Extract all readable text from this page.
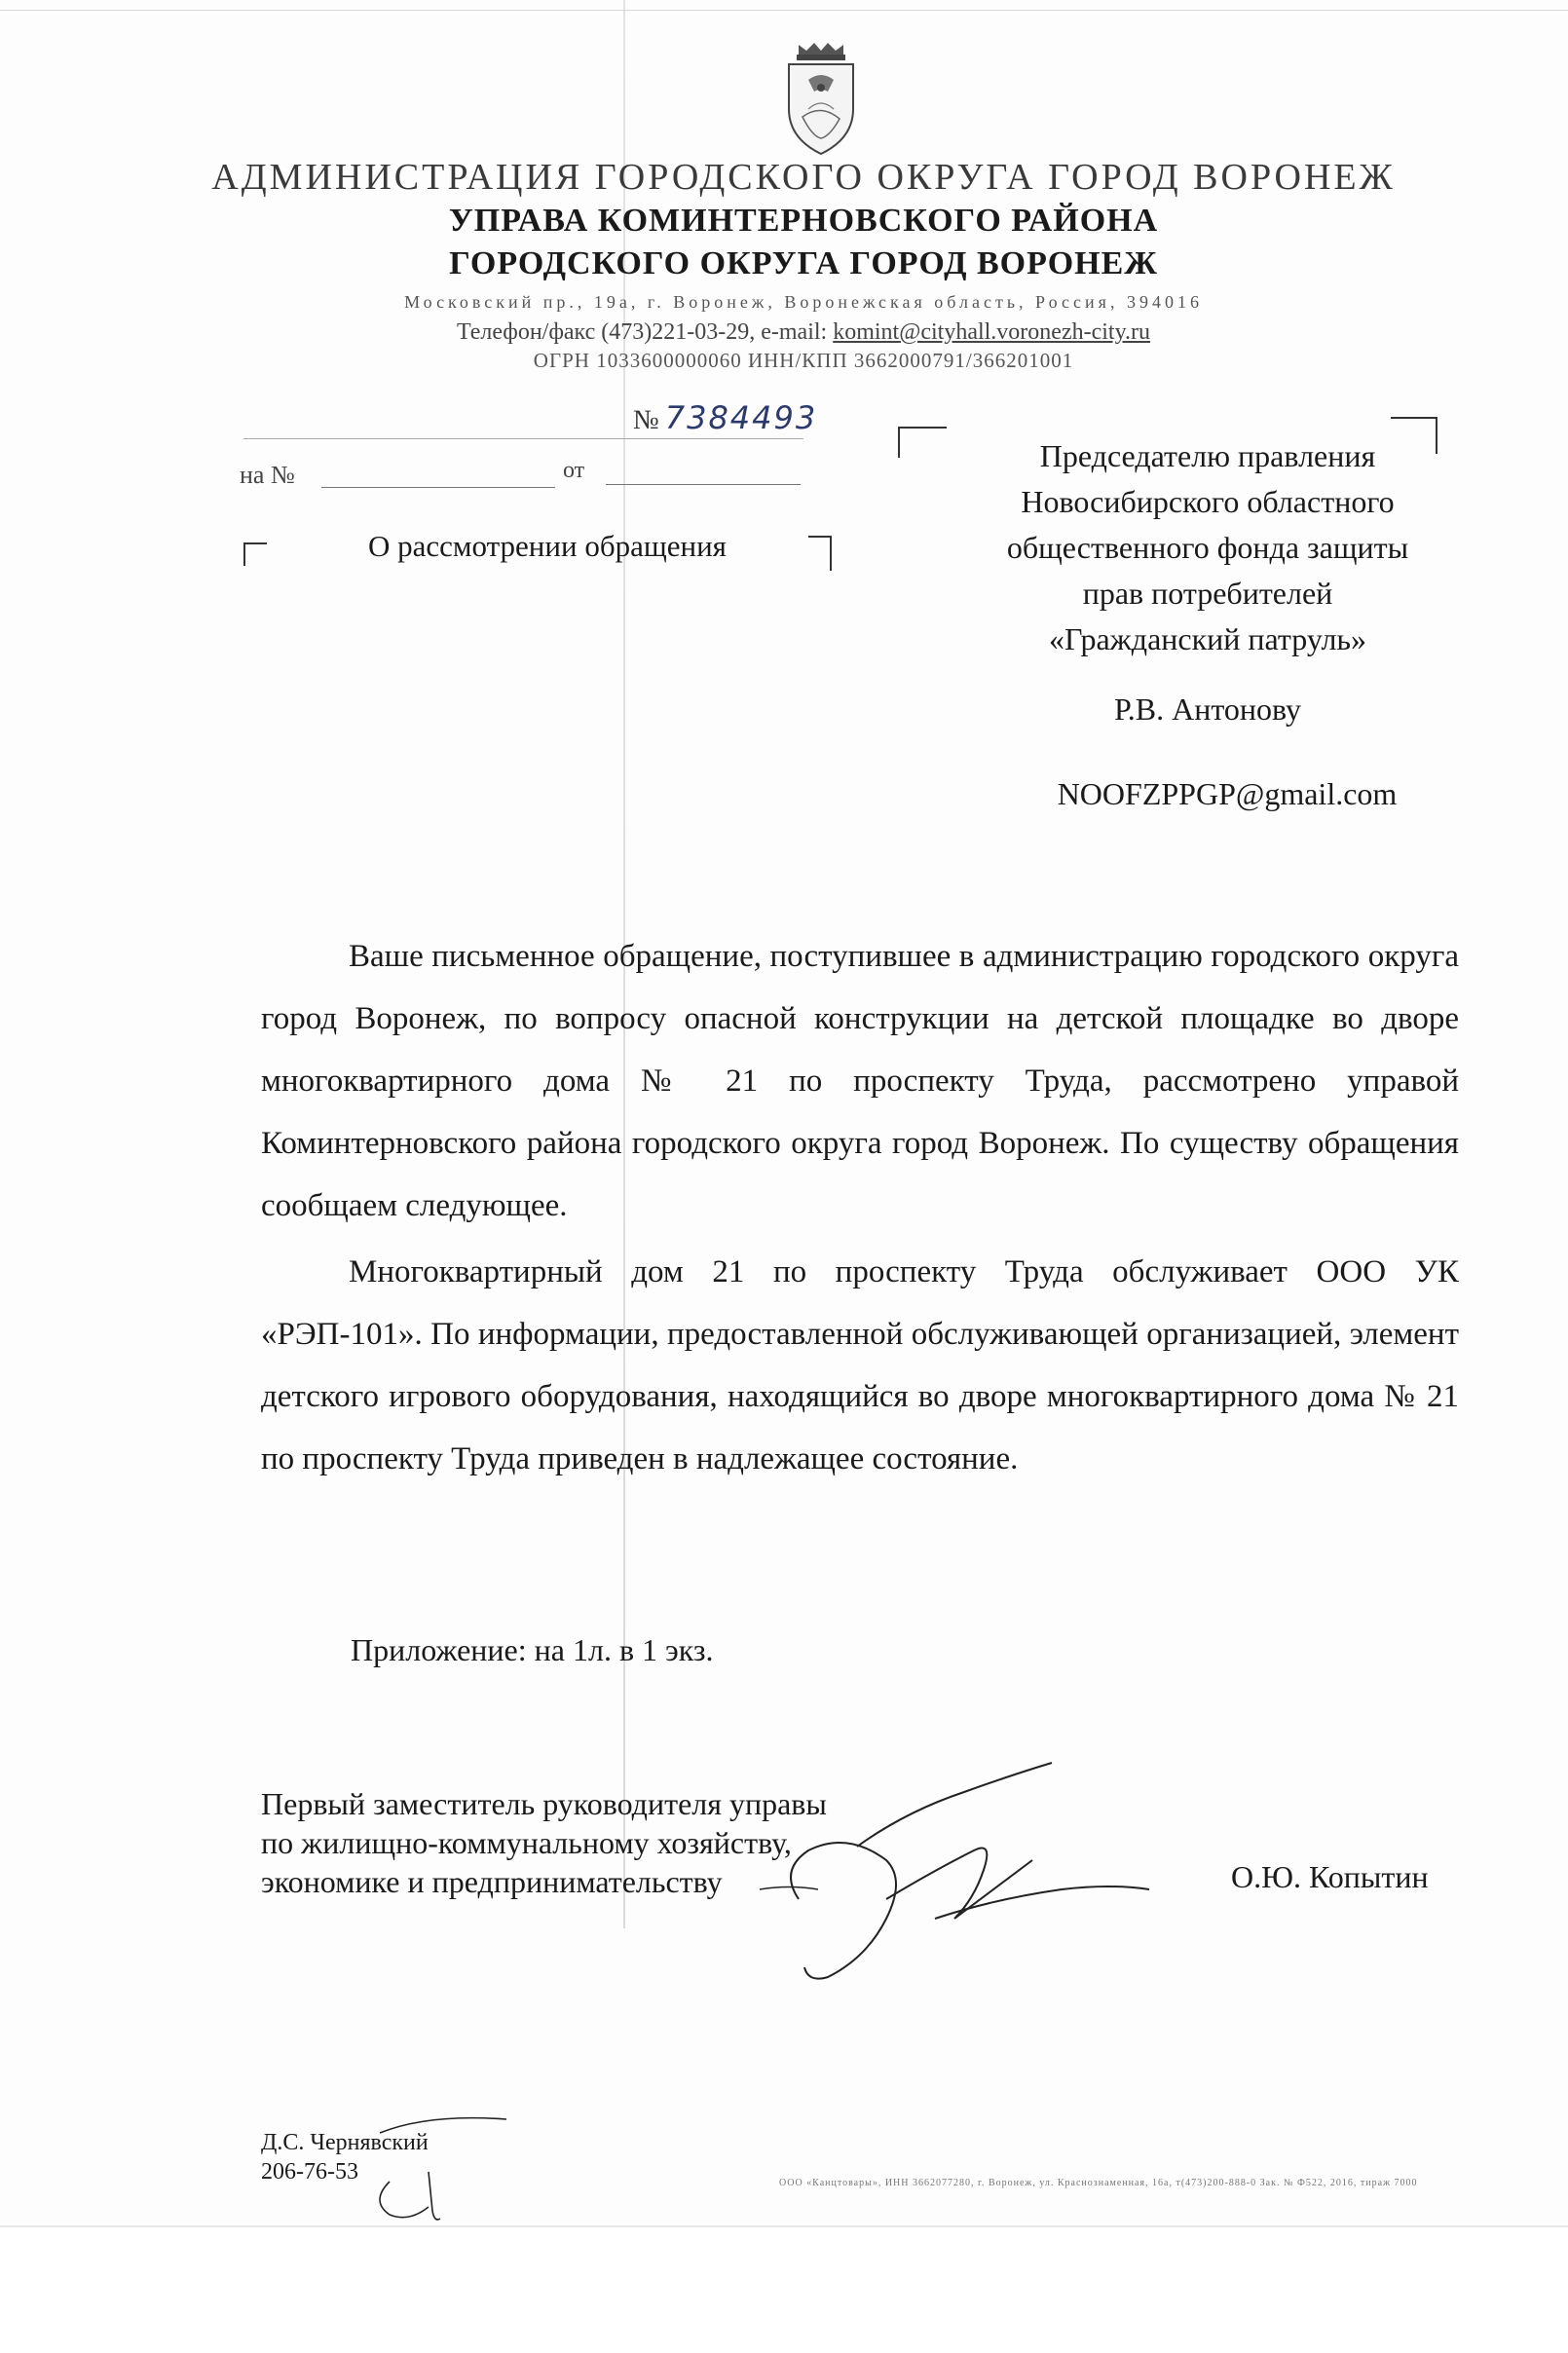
АДМИНИСТРАЦИЯ ГОРОДСКОГО ОКРУГА ГОРОД ВОРОНЕЖ
УПРАВА КОМИНТЕРНОВСКОГО РАЙОНА
ГОРОДСКОГО ОКРУГА ГОРОД ВОРОНЕЖ
Московский пр., 19а, г. Воронеж, Воронежская область, Россия, 394016
Телефон/факс (473)221-03-29, e-mail: komint@cityhall.voronezh-city.ru
ОГРН 1033600000060 ИНН/КПП 3662000791/366201001
№ 7384493
на №	от
О рассмотрении обращения
Председателю правления
Новосибирского областного
общественного фонда защиты
прав потребителей
«Гражданский патруль»
Р.В. Антонову
NOOFZPPGP@gmail.com
Ваше письменное обращение, поступившее в администрацию городского округа город Воронеж, по вопросу опасной конструкции на детской площадке во дворе многоквартирного дома № 21 по проспекту Труда, рассмотрено управой Коминтерновского района городского округа город Воронеж. По существу обращения сообщаем следующее.
Многоквартирный дом 21 по проспекту Труда обслуживает ООО УК «РЭП-101». По информации, предоставленной обслуживающей организацией, элемент детского игрового оборудования, находящийся во дворе многоквартирного дома № 21 по проспекту Труда приведен в надлежащее состояние.
Приложение: на 1л. в 1 экз.
Первый заместитель руководителя управы
по жилищно-коммунальному хозяйству,
экономике и предпринимательству	О.Ю. Копытин
Д.С. Чернявский
206-76-53	ООО «Канцтовары», ИНН 3662077280, г. Воронеж, ул. Краснознаменная, 16а, т(473)200-888-0 Зак. № Ф522, 2016, тираж 7000
